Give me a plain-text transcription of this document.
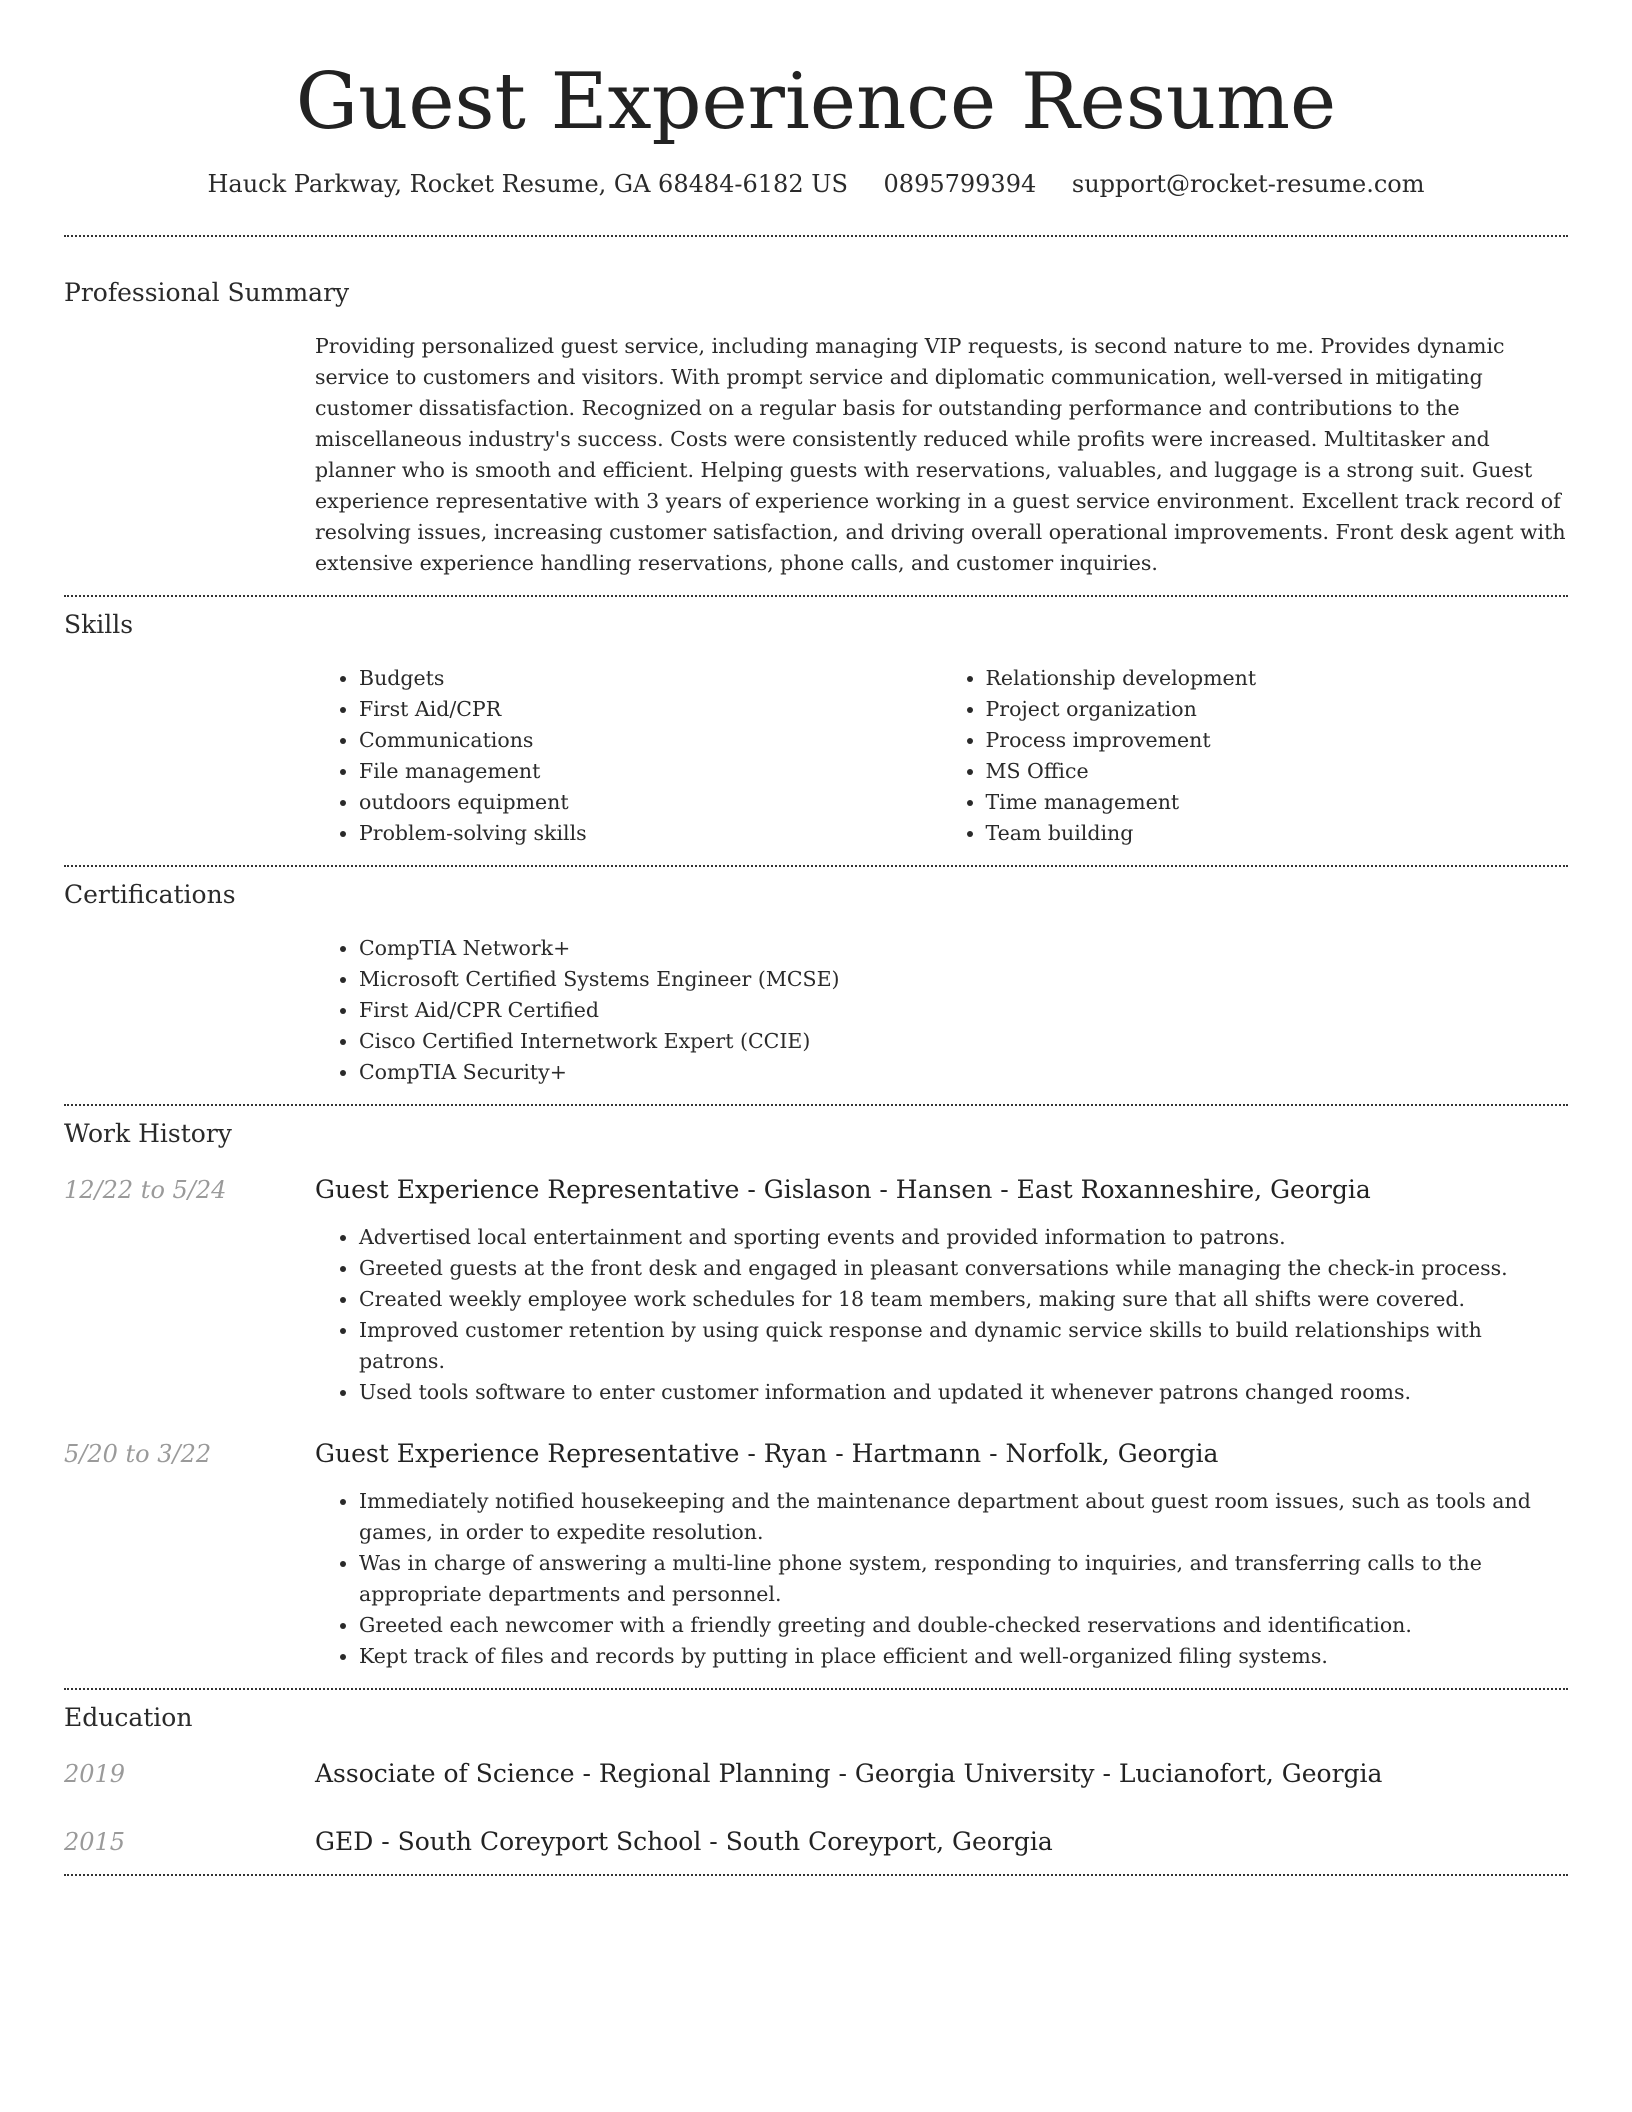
Guest Experience Resume
Hauck Parkway, Rocket Resume, GA 68484-6182 US 0895799394 support@rocket-resume.com
Professional Summary

Providing personalized guest service, including managing VIP requests, is second nature to me. Provides dynamic service to customers and visitors. With prompt service and diplomatic communication, well-versed in mitigating customer dissatisfaction. Recognized on a regular basis for outstanding performance and contributions to the miscellaneous industry's success. Costs were consistently reduced while profits were increased. Multitasker and planner who is smooth and efficient. Helping guests with reservations, valuables, and luggage is a strong suit. Guest experience representative with 3 years of experience working in a guest service environment. Excellent track record of resolving issues, increasing customer satisfaction, and driving overall operational improvements. Front desk agent with extensive experience handling reservations, phone calls, and customer inquiries.

Skills
• Budgets
• First Aid/CPR
• Communications
• File management
• outdoors equipment
• Problem-solving skills
• Relationship development
• Project organization
• Process improvement
• MS Office
• Time management
• Team building
Certifications
• CompTIA Network+
• Microsoft Certified Systems Engineer (MCSE)
• First Aid/CPR Certified
• Cisco Certified Internetwork Expert (CCIE)
• CompTIA Security+
Work History
12/22 to 5/24	Guest Experience Representative - Gislason - Hansen - East Roxanneshire, Georgia
• Advertised local entertainment and sporting events and provided information to patrons.
• Greeted guests at the front desk and engaged in pleasant conversations while managing the check-in process.
• Created weekly employee work schedules for 18 team members, making sure that all shifts were covered.
• Improved customer retention by using quick response and dynamic service skills to build relationships with patrons.
• Used tools software to enter customer information and updated it whenever patrons changed rooms.
5/20 to 3/22	Guest Experience Representative - Ryan - Hartmann - Norfolk, Georgia
• Immediately notified housekeeping and the maintenance department about guest room issues, such as tools and games, in order to expedite resolution.
• Was in charge of answering a multi-line phone system, responding to inquiries, and transferring calls to the appropriate departments and personnel.
• Greeted each newcomer with a friendly greeting and double-checked reservations and identification.
• Kept track of files and records by putting in place efficient and well-organized filing systems.
Education
2019	Associate of Science - Regional Planning - Georgia University - Lucianofort, Georgia
2015	GED - South Coreyport School - South Coreyport, Georgia
